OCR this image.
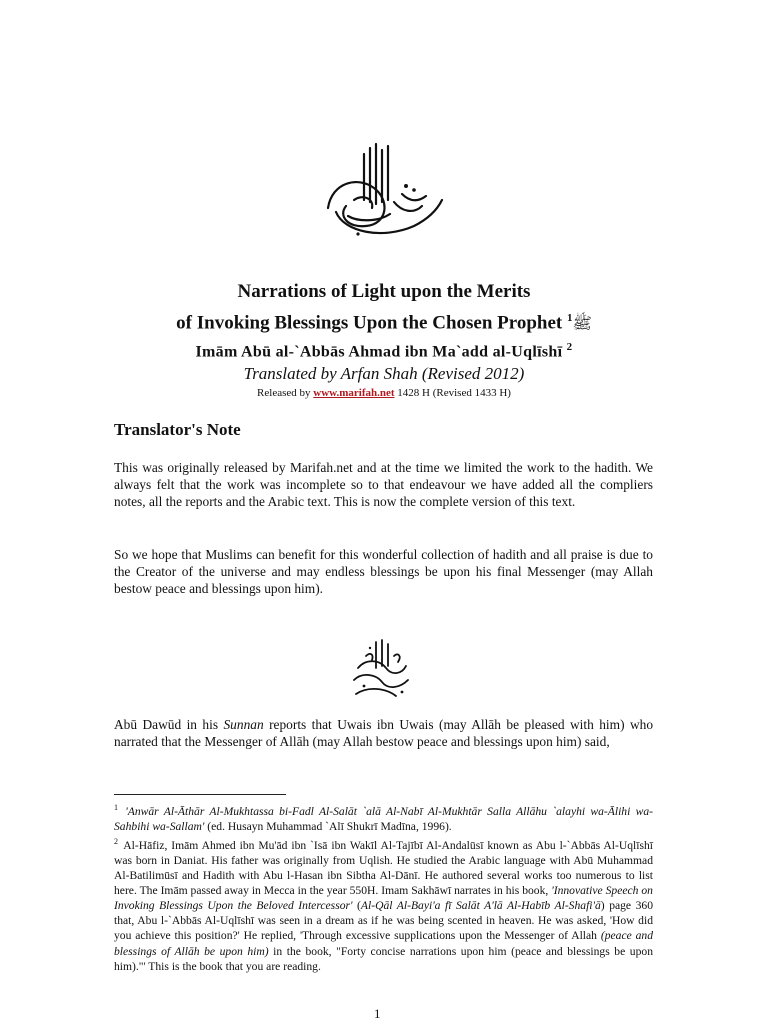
Narrations of Light upon the Merits

of Invoking Blessings Upon the Chosen Prophet ﷺ$^1$

Imām Abū al-`Abbās Ahmad ibn Ma`add al-Uqlīshī $^2$

Translated by Arfan Shah (Revised 2012)

Released by www.marifah.net 1428 H (Revised 1433 H)

Translator's Note

This was originally released by Marifah.net and at the time we limited the work to the hadith. We always felt that the work was incomplete so to that endeavour we have added all the compliers notes, all the reports and the Arabic text. This is now the complete version of this text.

So we hope that Muslims can benefit for this wonderful collection of hadith and all praise is due to the Creator of the universe and may endless blessings be upon his final Messenger (may Allah bestow peace and blessings upon him).

Abū Dawūd in his Sunnan reports that Uwais ibn Uwais (may Allāh be pleased with him) who narrated that the Messenger of Allāh (may Allah bestow peace and blessings upon him) said,

$^1$ 'Anwār Al-Āthār Al-Mukhtassa bi-Fadl Al-Salāt `alā Al-Nabī Al-Mukhtār Salla Allāhu `alayhi wa-Ālihi wa-Sahbihi wa-Sallam' (ed. Husayn Muhammad `Alī Shukrī Madīna, 1996).

$^2$ Al-Hāfiz, Imām Ahmed ibn Mu'ād ibn `Isā ibn Wakīl Al-Tajībī Al-Andalūsī known as Abu l-`Abbās Al-Uqlīshī was born in Daniat. His father was originally from Uqlish. He studied the Arabic language with Abū Muhammad Al-Batilimūsī and Hadith with Abu l-Hasan ibn Sibtha Al-Dānī. He authored several works too numerous to list here. The Imām passed away in Mecca in the year 550H. Imam Sakhāwī narrates in his book, 'Innovative Speech on Invoking Blessings Upon the Beloved Intercessor' (Al-Qāl Al-Bayi'a fī Salāt A'lā Al-Habīb Al-Shafi'ā) page 360 that, Abu l-`Abbās Al-Uqlīshī was seen in a dream as if he was being scented in heaven. He was asked, 'How did you achieve this position?' He replied, 'Through excessive supplications upon the Messenger of Allah (peace and blessings of Allāh be upon him) in the book, "Forty concise narrations upon him (peace and blessings be upon him)."' This is the book that you are reading.

1
